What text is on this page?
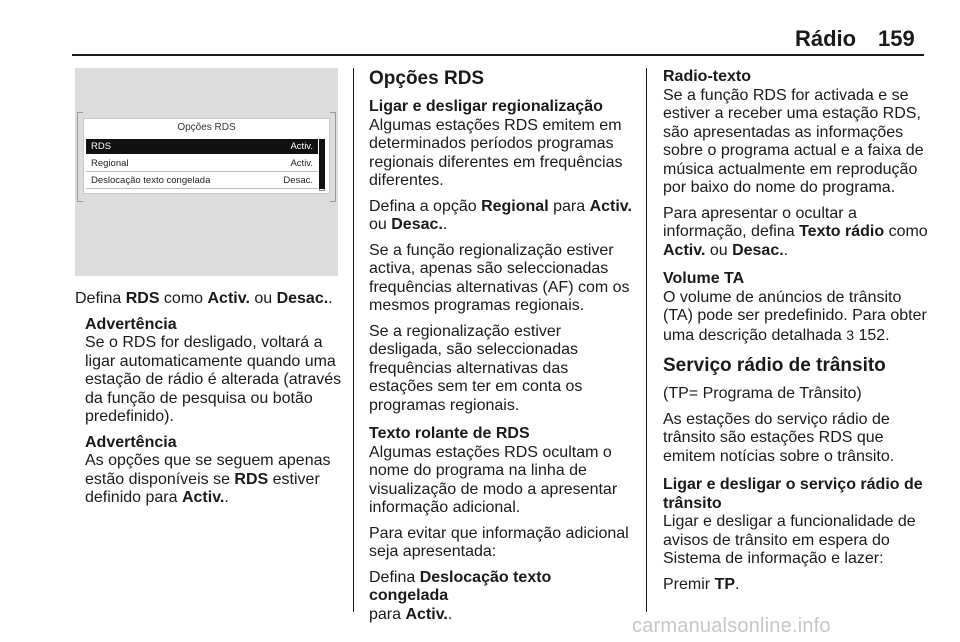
Rádio 159
Opções RDS
RDS	Activ.
Regional	Activ.
Deslocação texto congelada	Desac.

Defina RDS como Activ. ou Desac..

Advertência

Se o RDS for desligado, voltará a ligar automaticamente quando uma estação de rádio é alterada (através da função de pesquisa ou botão predefinido).

Advertência

As opções que se seguem apenas estão disponíveis se RDS estiver definido para Activ..

Opções RDS
Ligar e desligar regionalização

Algumas estações RDS emitem em determinados períodos programas regionais diferentes em frequências diferentes.

Defina a opção Regional para Activ.
ou Desac..

Se a função regionalização estiver activa, apenas são seleccionadas frequências alternativas (AF) com os mesmos programas regionais.

Se a regionalização estiver desligada, são seleccionadas frequências alternativas das estações sem ter em conta os programas regionais.

Texto rolante de RDS

Algumas estações RDS ocultam o nome do programa na linha de visualização de modo a apresentar informação adicional.

Para evitar que informação adicional seja apresentada:

Defina Deslocação texto congelada
para Activ..

Radio-texto

Se a função RDS for activada e se estiver a receber uma estação RDS, são apresentadas as informações sobre o programa actual e a faixa de música actualmente em reprodução por baixo do nome do programa.

Para apresentar o ocultar a informação, defina Texto rádio como
Activ. ou Desac..

Volume TA

O volume de anúncios de trânsito (TA) pode ser predefinido. Para obter uma descrição detalhada 3 152.

Serviço rádio de trânsito

(TP= Programa de Trânsito)

As estações do serviço rádio de trânsito são estações RDS que emitem notícias sobre o trânsito.

Ligar e desligar o serviço rádio de trânsito

Ligar e desligar a funcionalidade de avisos de trânsito em espera do Sistema de informação e lazer:

Premir TP.

carmanualsonline.info
